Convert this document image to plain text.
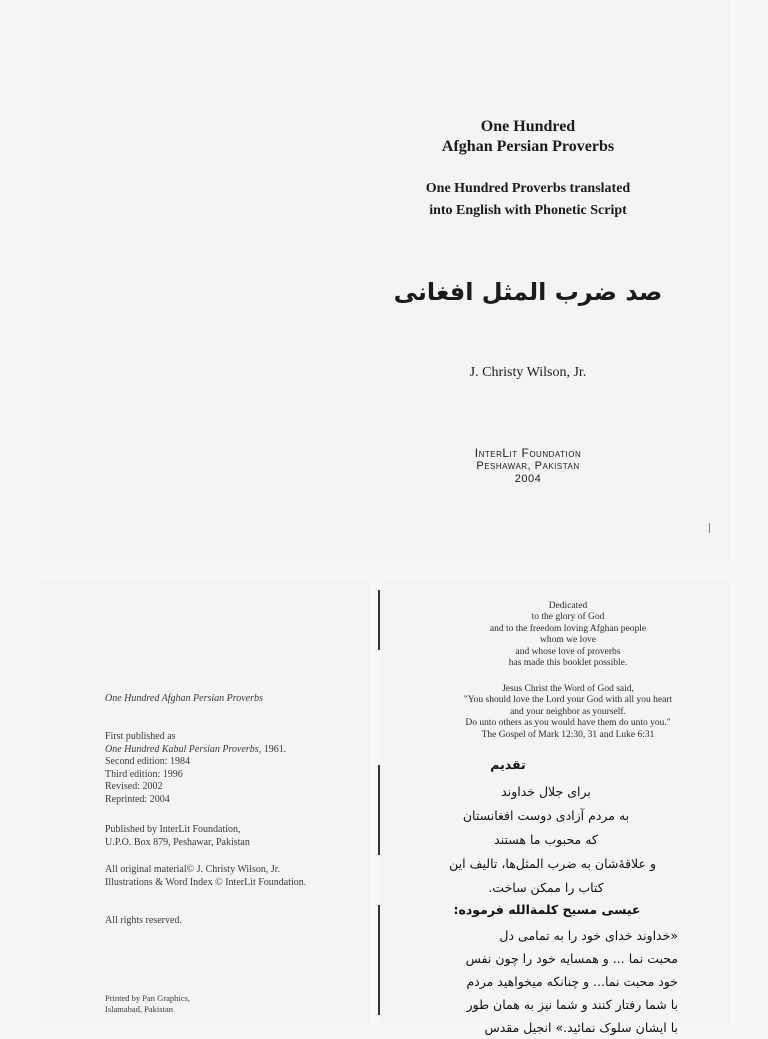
One Hundred
Afghan Persian Proverbs
One Hundred Proverbs translated
into English with Phonetic Script
صد ضرب المثل افغانی
J. Christy Wilson, Jr.
InterLit Foundation
Peshawar, Pakistan
2004

One Hundred Afghan Persian Proverbs

First published as

One Hundred Kabul Persian Proverbs, 1961.

Second edition: 1984

Third edition: 1996

Revised: 2002

Reprinted: 2004

Published by InterLit Foundation,

U.P.O. Box 879, Peshawar, Pakistan

All original material© J. Christy Wilson, Jr.

Illustrations & Word Index © InterLit Foundation.

All rights reserved.

Printed by Pan Graphics,

Islamabad, Pakistan

Dedicated

to the glory of God

and to the freedom loving Afghan people

whom we love

and whose love of proverbs

has made this booklet possible.

Jesus Christ the Word of God said,

"You should love the Lord your God with all you heart

and your neighbor as yourself.

Do unto others as you would have them do unto you."

The Gospel of Mark 12:30, 31 and Luke 6:31

تقدیم

برای جلال خداوند

به مردم آزادی دوست افغانستان

که محبوب ما هستند

و علاقهٔ‌شان به ضرب المثل‌ها، تالیف این

کتاب را ممکن ساخت.

عیسی مسیح کلمةالله فرموده:

«خداوند خدای خود را به تمامی دل

محبت نما ... و همسایه خود را چون نفس

خود محبت نما... و چنانکه میخواهید مردم

با شما رفتار کنند و شما نیز به همان طور

با ایشان سلوک نمائید.» انجیل مقدس
